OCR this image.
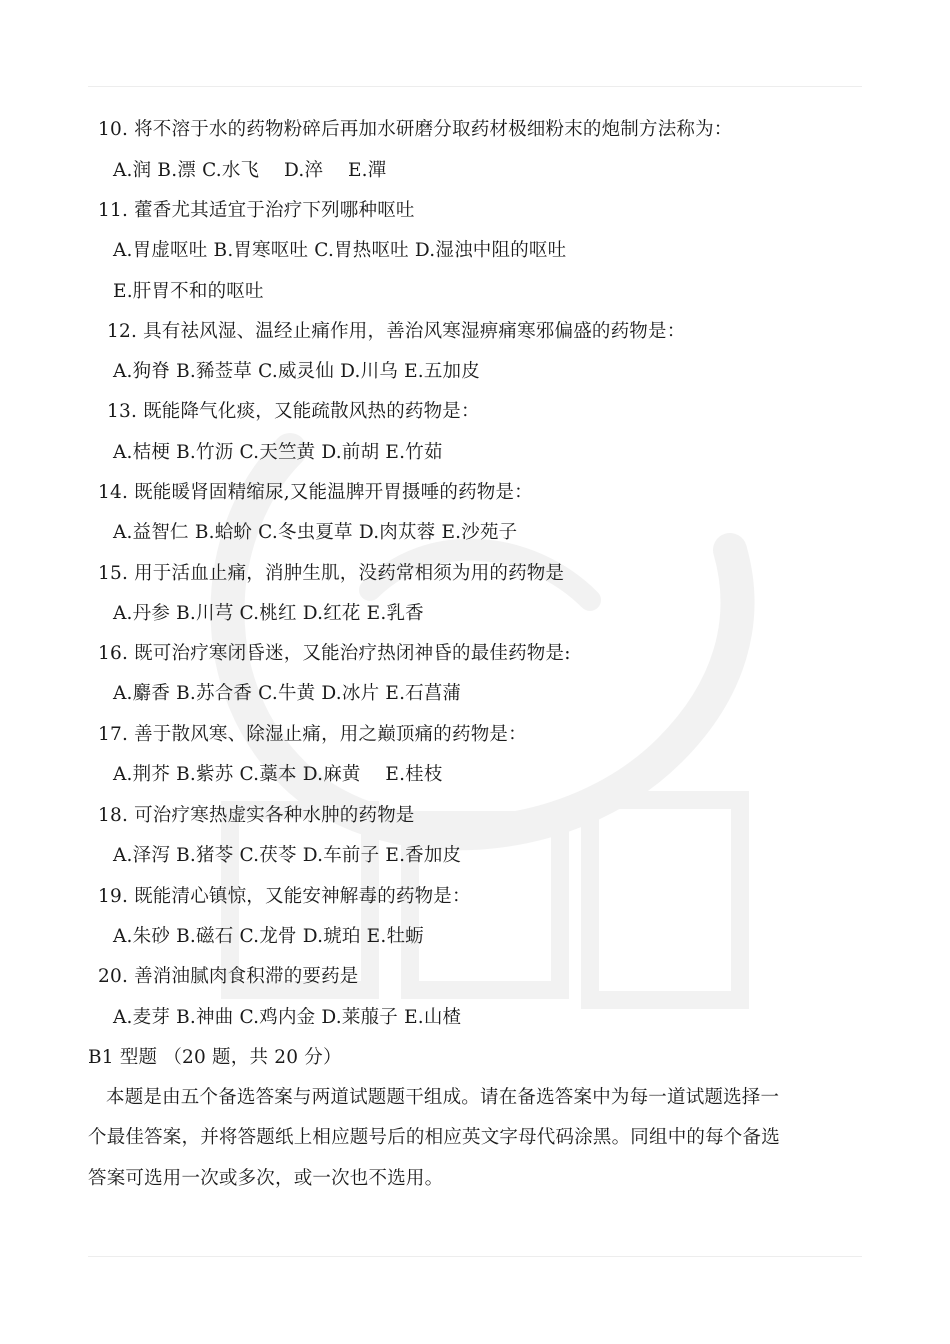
10. 将不溶于水的药物粉碎后再加水研磨分取药材极细粉末的炮制方法称为：
A.润 B.漂 C.水飞 　D.淬 　E.潬
11. 藿香尤其适宜于治疗下列哪种呕吐
A.胃虚呕吐 B.胃寒呕吐 C.胃热呕吐 D.湿浊中阻的呕吐
E.肝胃不和的呕吐
12. 具有祛风湿、温经止痛作用，善治风寒湿痹痛寒邪偏盛的药物是：
A.狗脊 B.豨莶草 C.威灵仙 D.川乌 E.五加皮
13. 既能降气化痰，又能疏散风热的药物是：
A.桔梗 B.竹沥 C.天竺黄 D.前胡 E.竹茹
14. 既能暖肾固精缩尿,又能温脾开胃摄唾的药物是：
A.益智仁 B.蛤蚧 C.冬虫夏草 D.肉苁蓉 E.沙苑子
15. 用于活血止痛，消肿生肌，没药常相须为用的药物是
A.丹参 B.川芎 C.桃红 D.红花 E.乳香
16. 既可治疗寒闭昏迷，又能治疗热闭神昏的最佳药物是:
A.麝香 B.苏合香 C.牛黄 D.冰片 E.石菖蒲
17. 善于散风寒、除湿止痛，用之巅顶痛的药物是：
A.荆芥 B.紫苏 C.藁本 D.麻黄 　E.桂枝
18. 可治疗寒热虚实各种水肿的药物是
A.泽泻 B.猪苓 C.茯苓 D.车前子 E.香加皮
19. 既能清心镇惊，又能安神解毒的药物是：
A.朱砂 B.磁石 C.龙骨 D.琥珀 E.牡蛎
20. 善消油腻肉食积滞的要药是
A.麦芽 B.神曲 C.鸡内金 D.莱菔子 E.山楂
B1 型题 （20 题，共 20 分）
本题是由五个备选答案与两道试题题干组成。请在备选答案中为每一道试题选择一
个最佳答案，并将答题纸上相应题号后的相应英文字母代码涂黑。同组中的每个备选
答案可选用一次或多次，或一次也不选用。
